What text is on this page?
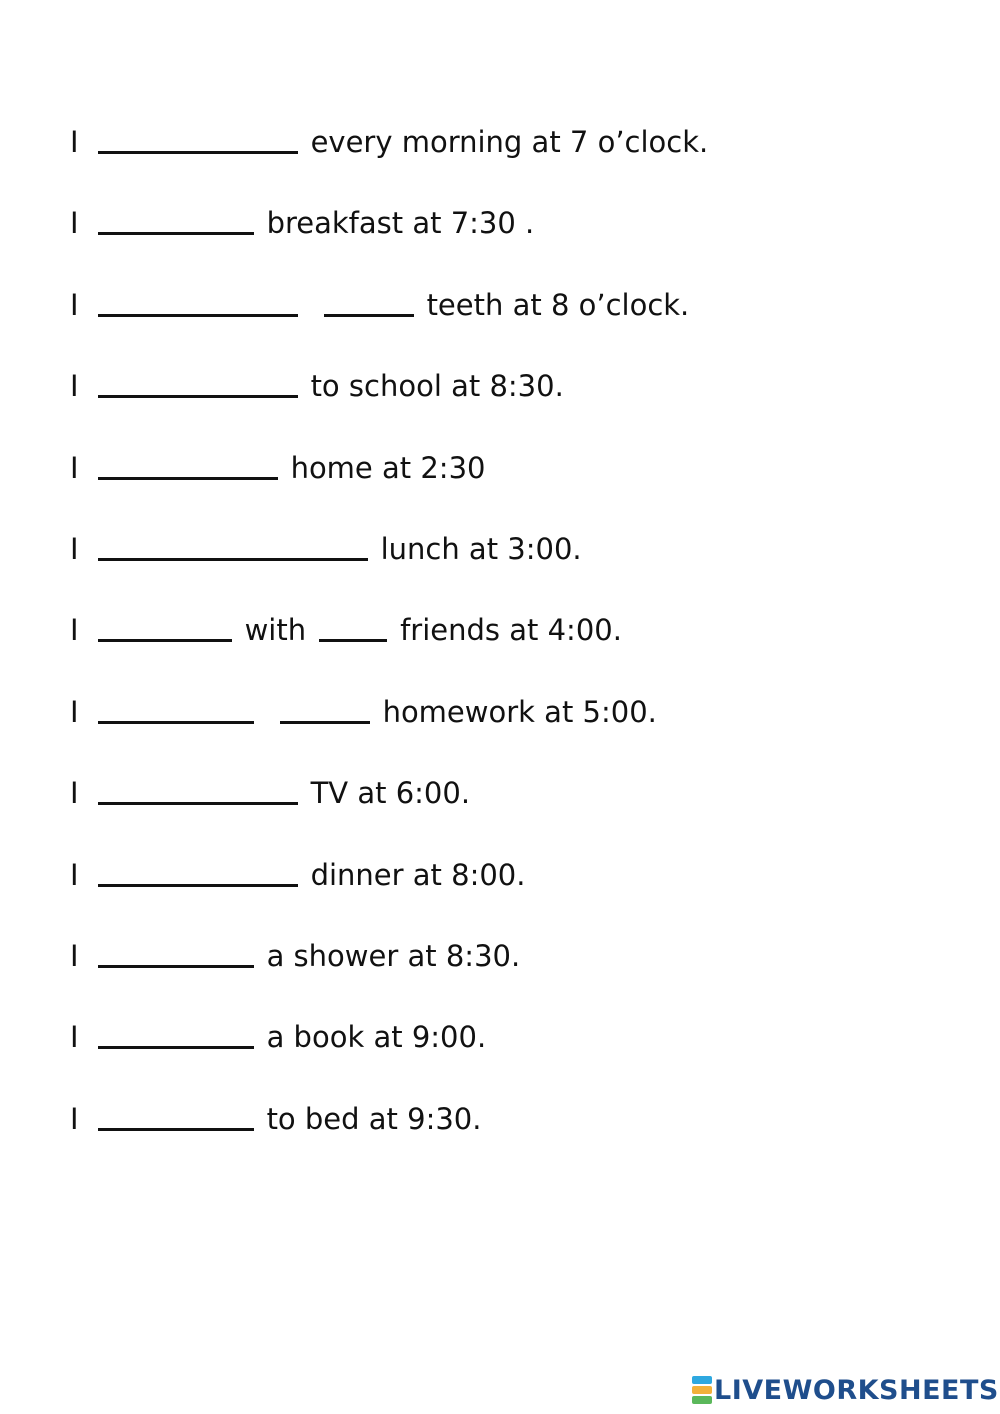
I	every morning at 7 o’clock.
I	breakfast at 7:30 .
I	teeth at 8 o’clock.
I	to school at 8:30.
I	home at 2:30
I	lunch at 3:00.
I	with	friends at 4:00.
I	homework at 5:00.
I	TV at 6:00.
I	dinner at 8:00.
I	a shower at 8:30.
I	a book at 9:00.
I	to bed at 9:30.
LIVEWORKSHEETS
